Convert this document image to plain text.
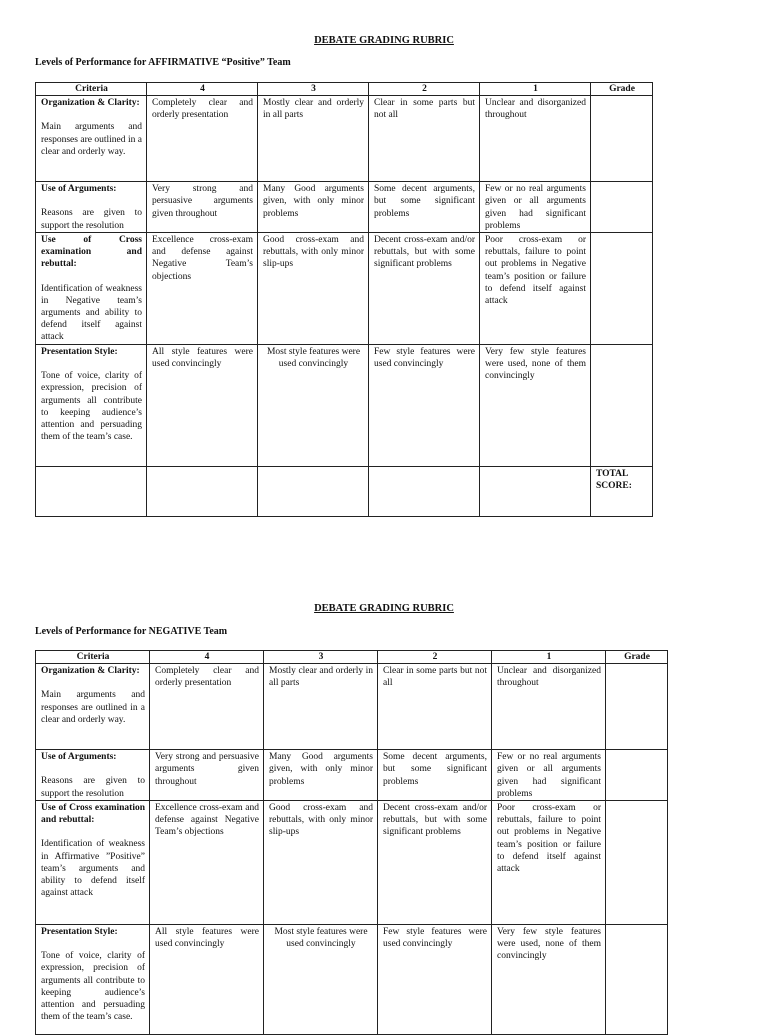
DEBATE GRADING RUBRIC
Levels of Performance for AFFIRMATIVE “Positive” Team
Criteria	4	3	2	1	Grade

Organization & Clarity:
Main arguments and responses are outlined in a clear and orderly way.	Completely clear and orderly presentation	Mostly clear and orderly in all parts	Clear in some parts but not all	Unclear and disorganized throughout	

Use of Arguments:
Reasons are given to support the resolution	Very strong and persuasive arguments given throughout	Many Good arguments given, with only minor problems	Some decent arguments, but some significant problems	Few or no real arguments given or all arguments given had significant problems	

Use of Cross examination and rebuttal:
Identification of weakness in Negative team’s arguments and ability to defend itself against attack	Excellence cross-exam and defense against Negative Team’s objections	Good cross-exam and rebuttals, with only minor slip-ups	Decent cross-exam and/or rebuttals, but with some significant problems	Poor cross-exam or rebuttals, failure to point out problems in Negative team’s position or failure to defend itself against attack	

Presentation Style:
Tone of voice, clarity of expression, precision of arguments all contribute to keeping audience’s attention and persuading them of the team’s case.	All style features were used convincingly	Most style features were used convincingly	Few style features were used convincingly	Very few style features were used, none of them convincingly	
					TOTAL SCORE:
DEBATE GRADING RUBRIC
Levels of Performance for NEGATIVE Team
Criteria	4	3	2	1	Grade

Organization & Clarity:
Main arguments and responses are outlined in a clear and orderly way.	Completely clear and orderly presentation	Mostly clear and orderly in all parts	Clear in some parts but not all	Unclear and disorganized throughout	

Use of Arguments:
Reasons are given to support the resolution	Very strong and persuasive arguments given throughout	Many Good arguments given, with only minor problems	Some decent arguments, but some significant problems	Few or no real arguments given or all arguments given had significant problems	

Use of Cross examination and rebuttal:
Identification of weakness in Affirmative ”Positive” team’s arguments and ability to defend itself against attack	Excellence cross-exam and defense against Negative Team’s objections	Good cross-exam and rebuttals, with only minor slip-ups	Decent cross-exam and/or rebuttals, but with some significant problems	Poor cross-exam or rebuttals, failure to point out problems in Negative team’s position or failure to defend itself against attack	

Presentation Style:
Tone of voice, clarity of expression, precision of arguments all contribute to keeping audience’s attention and persuading them of the team’s case.	All style features were used convincingly	Most style features were used convincingly	Few style features were used convincingly	Very few style features were used, none of them convincingly	
